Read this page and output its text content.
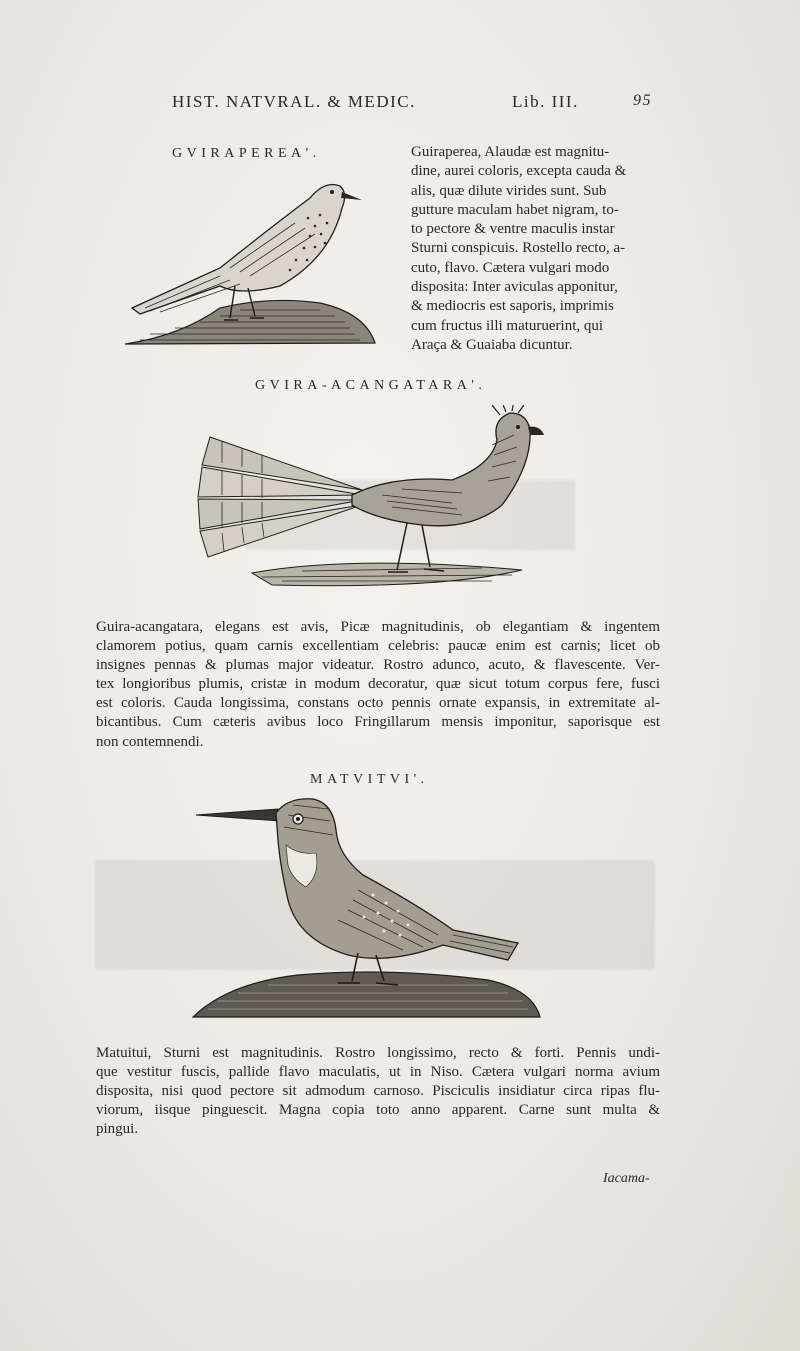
HIST. NATVRAL. & MEDIC.	Lib. III.	95
GVIRAPEREA'.	Guiraperea, Alaudæ est magnitu-
dine, aurei coloris, excepta cauda &
alis, quæ dilute virides sunt. Sub
gutture maculam habet nigram, to-
to pectore & ventre maculis instar
Sturni conspicuis. Rostello recto, a-
cuto, flavo. Cætera vulgari modo
disposita: Inter aviculas apponitur,
& mediocris est saporis, imprimis
cum fructus illi maturuerint, qui
Araça & Guaiaba dicuntur.
GVIRA-ACANGATARA'.
Guira-acangatara, elegans est avis, Picæ magnitudinis, ob elegantiam & ingentem
clamorem potius, quam carnis excellentiam celebris: paucæ enim est carnis; licet ob
insignes pennas & plumas major videatur. Rostro adunco, acuto, & flavescente. Ver-
tex longioribus plumis, cristæ in modum decoratur, quæ sicut totum corpus fere, fusci
est coloris. Cauda longissima, constans octo pennis ornate expansis, in extremitate al-
bicantibus. Cum cæteris avibus loco Fringillarum mensis imponitur, saporisque est
non contemnendi.
MATVITVI'.
Matuitui, Sturni est magnitudinis. Rostro longissimo, recto & forti. Pennis undi-
que vestitur fuscis, pallide flavo maculatis, ut in Niso. Cætera vulgari norma avium
disposita, nisi quod pectore sit admodum carnoso. Pisciculis insidiatur circa ripas flu-
viorum, iisque pinguescit. Magna copia toto anno apparent. Carne sunt multa &
pingui.
Iacama-
